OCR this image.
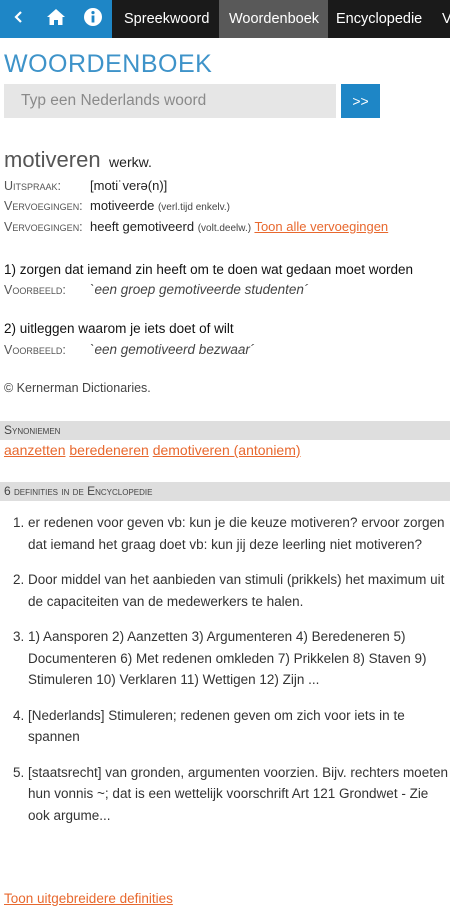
Spreekwoord	Woordenboek	Encyclopedie V
WOORDENBOEK
Typ een Nederlands woord
>>
motiveren werkw.
Uitspraak: [moti˙verə(n)]
Vervoegingen: motiveerde (verl.tijd enkelv.)
Vervoegingen: heeft gemotiveerd (volt.deelw.) Toon alle vervoegingen
1) zorgen dat iemand zin heeft om te doen wat gedaan moet worden
Voorbeeld: `een groep gemotiveerde studenten´
2) uitleggen waarom je iets doet of wilt
Voorbeeld: `een gemotiveerd bezwaar´
© Kernerman Dictionaries.
Synoniemen
aanzetten beredeneren demotiveren (antoniem)
6 definities in de Encyclopedie
1. er redenen voor geven vb: kun je die keuze motiveren? ervoor zorgen dat iemand het graag doet vb: kun jij deze leerling niet motiveren?
2. Door middel van het aanbieden van stimuli (prikkels) het maximum uit de capaciteiten van de medewerkers te halen.
3. 1) Aansporen 2) Aanzetten 3) Argumenteren 4) Beredeneren 5) Documenteren 6) Met redenen omkleden 7) Prikkelen 8) Staven 9) Stimuleren 10) Verklaren 11) Wettigen 12) Zijn ...
4. [Nederlands] Stimuleren; redenen geven om zich voor iets in te spannen
5. [staatsrecht] van gronden, argumenten voorzien. Bijv. rechters moeten hun vonnis ~; dat is een wettelijk voorschrift Art 121 Grondwet - Zie ook argume...
Toon uitgebreidere definities
